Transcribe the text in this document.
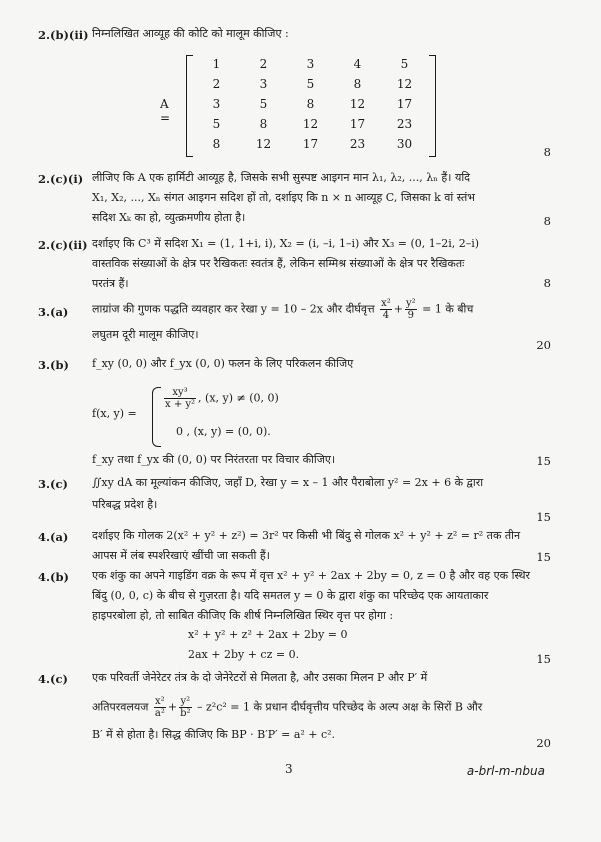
2.(b)(ii) निम्नलिखित आव्यूह की कोटि को मालूम कीजिए :
A =
1	2	3	4	5
2	3	5	8	12
3	5	8	12	17
5	8	12	17	23
8	12	17	23	30
8
2.(c)(i) लीजिए कि A एक हार्मिटी आव्यूह है, जिसके सभी सुस्पष्ट आइगन मान λ₁, λ₂, ..., λₙ हैं। यदि
X₁, X₂, ..., Xₙ संगत आइगन सदिश हों तो, दर्शाइए कि n × n आव्यूह C, जिसका k वां स्तंभ
सदिश Xₖ का हो, व्युत्क्रमणीय होता है।	8
2.(c)(ii) दर्शाइए कि C³ में सदिश X₁ = (1, 1+i, i), X₂ = (i, –i, 1–i) और X₃ = (0, 1–2i, 2–i)
वास्तविक संख्याओं के क्षेत्र पर रैखिकतः स्वतंत्र हैं, लेकिन सम्मिश्र संख्याओं के क्षेत्र पर रैखिकतः
परतंत्र हैं।	8
3.(a) लाग्रांज की गुणक पद्धति व्यवहार कर रेखा y = 10 – 2x और दीर्घवृत्त $\frac{\text{x²}}{4} + \frac{\text{y²}}{9} = 1$ के बीच
लघुतम दूरी मालूम कीजिए।
20
3.(b) f_xy (0, 0) और f_yx (0, 0) फलन के लिए परिकलन कीजिए
f(x, y) =
$\frac{\text{xy³}}{\text{x + y²}}$ , (x, y) ≠ (0, 0)
0 , (x, y) = (0, 0).
f_xy तथा f_yx की (0, 0) पर निरंतरता पर विचार कीजिए।	15
3.(c) ∬xy dA का मूल्यांकन कीजिए, जहाँ D, रेखा y = x – 1 और पैराबोला y² = 2x + 6 के द्वारा
परिबद्ध प्रदेश है।
15
4.(a) दर्शाइए कि गोलक 2(x² + y² + z²) = 3r² पर किसी भी बिंदु से गोलक x² + y² + z² = r² तक तीन
आपस में लंब स्पर्शरेखाएं खींची जा सकती हैं।	15
4.(b) एक शंकु का अपने गाइडिंग वक्र के रूप में वृत्त x² + y² + 2ax + 2by = 0, z = 0 है और वह एक स्थिर
बिंदु (0, 0, c) के बीच से गुज़रता है। यदि समतल y = 0 के द्वारा शंकु का परिच्छेद एक आयताकार
हाइपरबोला हो, तो साबित कीजिए कि शीर्ष निम्नलिखित स्थिर वृत्त पर होगा :
x² + y² + z² + 2ax + 2by = 0
2ax + 2by + cz = 0.	15
4.(c) एक परिवर्ती जेनेरेटर तंत्र के दो जेनेरेटरों से मिलता है, और उसका मिलन P और P′ में
अतिपरवलयज $\frac{\text{x²}}{\text{a²}} + \frac{\text{y²}}{\text{b²}} - z^2c^2 = 1$ के प्रधान दीर्घवृत्तीय परिच्छेद के अल्प अक्ष के सिरों B और
B′ में से होता है। सिद्ध कीजिए कि BP · B′P′ = a² + c².
20
3	a-brl-m-nbua
